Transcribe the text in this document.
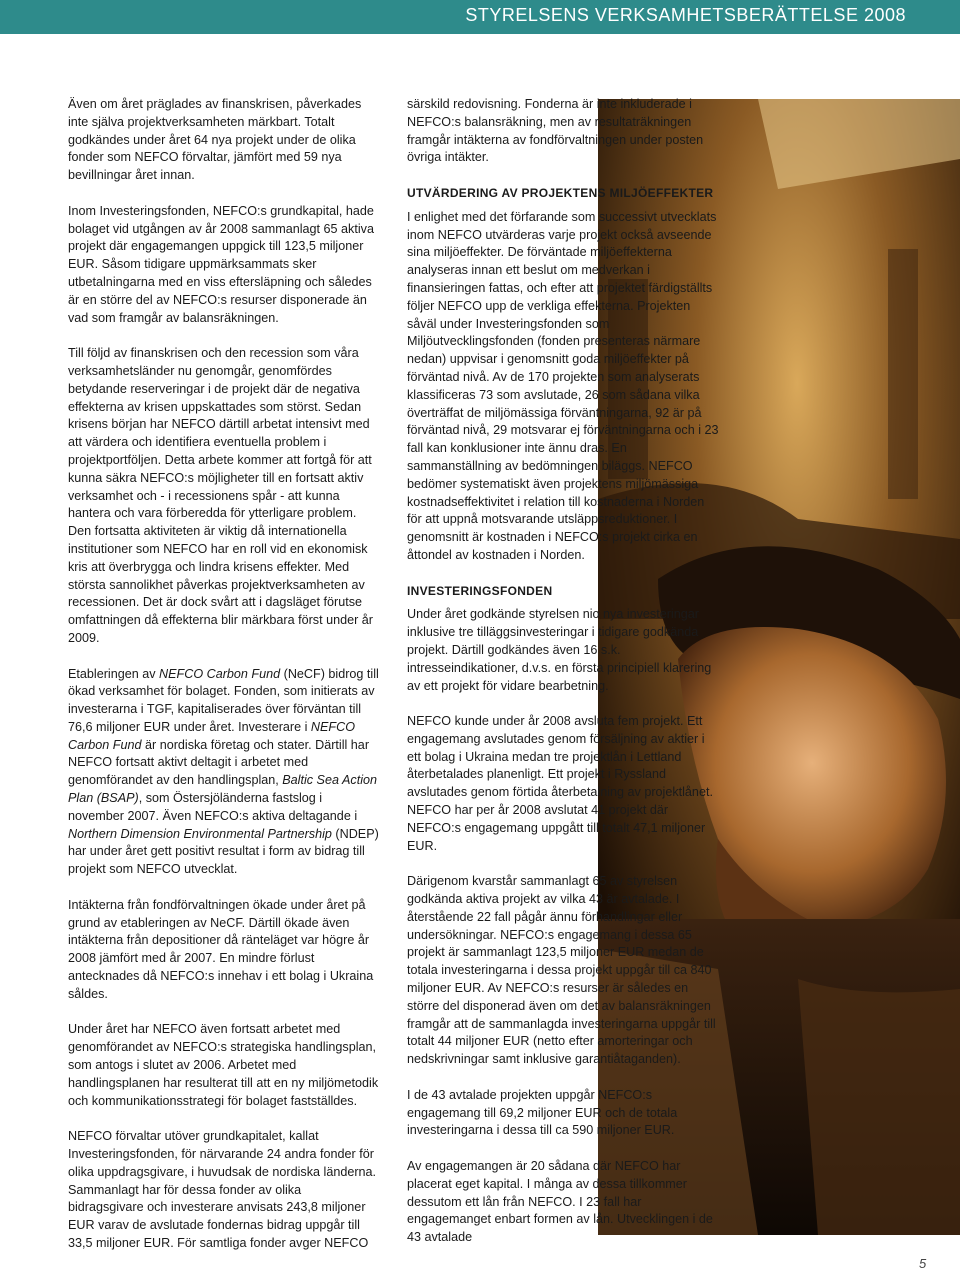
STYRELSENS VERKSAMHETSBERÄTTELSE 2008

Även om året präglades av finanskrisen, påverkades inte själva projektverksamheten märkbart. Totalt godkändes under året 64 nya projekt under de olika fonder som NEFCO förvaltar, jämfört med 59 nya bevillningar året innan.

Inom Investeringsfonden, NEFCO:s grundkapital, hade bolaget vid utgången av år 2008 sammanlagt 65 aktiva projekt där engagemangen uppgick till 123,5 miljoner EUR. Såsom tidigare uppmärksammats sker utbetalningarna med en viss eftersläpning och således är en större del av NEFCO:s resurser disponerade än vad som framgår av balansräkningen.

Till följd av finanskrisen och den recession som våra verksamhetsländer nu genomgår, genomfördes betydande reserveringar i de projekt där de negativa effekterna av krisen uppskattades som störst. Sedan krisens början har NEFCO därtill arbetat intensivt med att värdera och identifiera eventuella problem i projektportföljen. Detta arbete kommer att fortgå för att kunna säkra NEFCO:s möjligheter till en fortsatt aktiv verksamhet och - i recessionens spår - att kunna hantera och vara förberedda för ytterligare problem. Den fortsatta aktiviteten är viktig då internationella institutioner som NEFCO har en roll vid en ekonomisk kris att överbrygga och lindra krisens effekter. Med största sannolikhet påverkas projektverksamheten av recessionen. Det är dock svårt att i dagsläget förutse omfattningen då effekterna blir märkbara först under år 2009.

Etableringen av NEFCO Carbon Fund (NeCF) bidrog till ökad verksamhet för bolaget. Fonden, som initierats av investerarna i TGF, kapitaliserades över förväntan till 76,6 miljoner EUR under året. Investerare i NEFCO Carbon Fund är nordiska företag och stater. Därtill har NEFCO fortsatt aktivt deltagit i arbetet med genomförandet av den handlingsplan, Baltic Sea Action Plan (BSAP), som Östersjöländerna fastslog i november 2007. Även NEFCO:s aktiva deltagande i Northern Dimension Environmental Partnership (NDEP) har under året gett positivt resultat i form av bidrag till projekt som NEFCO utvecklat.

Intäkterna från fondförvaltningen ökade under året på grund av etableringen av NeCF. Därtill ökade även intäkterna från depositioner då ränteläget var högre år 2008 jämfört med år 2007. En mindre förlust antecknades då NEFCO:s innehav i ett bolag i Ukraina såldes.

Under året har NEFCO även fortsatt arbetet med genomförandet av NEFCO:s strategiska handlingsplan, som antogs i slutet av 2006. Arbetet med handlingsplanen har resulterat till att en ny miljömetodik och kommunikationsstrategi för bolaget fastställdes.

NEFCO förvaltar utöver grundkapitalet, kallat Investeringsfonden, för närvarande 24 andra fonder för olika uppdragsgivare, i huvudsak de nordiska länderna. Sammanlagt har för dessa fonder av olika bidragsgivare och investerare anvisats 243,8 miljoner EUR varav de avslutade fondernas bidrag uppgår till 33,5 miljoner EUR. För samtliga fonder avger NEFCO

särskild redovisning. Fonderna är inte inkluderade i NEFCO:s balansräkning, men av resultaträkningen framgår intäkterna av fondförvaltningen under posten övriga intäkter.

UTVÄRDERING AV PROJEKTENS MILJÖEFFEKTER

I enlighet med det förfarande som successivt utvecklats inom NEFCO utvärderas varje projekt också avseende sina miljöeffekter. De förväntade miljöeffekterna analyseras innan ett beslut om medverkan i finansieringen fattas, och efter att projektet färdigställts följer NEFCO upp de verkliga effekterna. Projekten såväl under Investeringsfonden som Miljöutvecklingsfonden (fonden presenteras närmare nedan) uppvisar i genomsnitt goda miljöeffekter på förväntad nivå. Av de 170 projekten som analyserats klassificeras 73 som avslutade, 26 som sådana vilka överträffat de miljömässiga förväntningarna, 92 är på förväntad nivå, 29 motsvarar ej förväntningarna och i 23 fall kan konklusioner inte ännu dras. En sammanställning av bedömningen biläggs. NEFCO bedömer systematiskt även projektens miljömässiga kostnadseffektivitet i relation till kostnaderna i Norden för att uppnå motsvarande utsläppsreduktioner. I genomsnitt är kostnaden i NEFCO:s projekt cirka en åttondel av kostnaden i Norden.

INVESTERINGSFONDEN

Under året godkände styrelsen nio nya investeringar inklusive tre tilläggsinvesteringar i tidigare godkända projekt. Därtill godkändes även 16 s.k. intresseindikationer, d.v.s. en första principiell klarering av ett projekt för vidare bearbetning.

NEFCO kunde under år 2008 avsluta fem projekt. Ett engagemang avslutades genom försäljning av aktier i ett bolag i Ukraina medan tre projektlån i Lettland återbetalades planenligt. Ett projekt i Ryssland avslutades genom förtida återbetalning av projektlånet. NEFCO har per år 2008 avslutat 41 projekt där NEFCO:s engagemang uppgått till totalt 47,1 miljoner EUR.

Därigenom kvarstår sammanlagt 65 av styrelsen godkända aktiva projekt av vilka 43 är avtalade. I återstående 22 fall pågår ännu förhandlingar eller undersökningar. NEFCO:s engagemang i dessa 65 projekt är sammanlagt 123,5 miljoner EUR medan de totala investeringarna i dessa projekt uppgår till ca 840 miljoner EUR. Av NEFCO:s resurser är således en större del disponerad även om det av balansräkningen framgår att de sammanlagda investeringarna uppgår till totalt 44 miljoner EUR (netto efter amorteringar och nedskrivningar samt inklusive garantiåtaganden).

I de 43 avtalade projekten uppgår NEFCO:s engagemang till 69,2 miljoner EUR och de totala investeringarna i dessa till ca 590 miljoner EUR.

Av engagemangen är 20 sådana där NEFCO har placerat eget kapital. I många av dessa tillkommer dessutom ett lån från NEFCO. I 23 fall har engagemanget enbart formen av lån. Utvecklingen i de 43 avtalade

5
